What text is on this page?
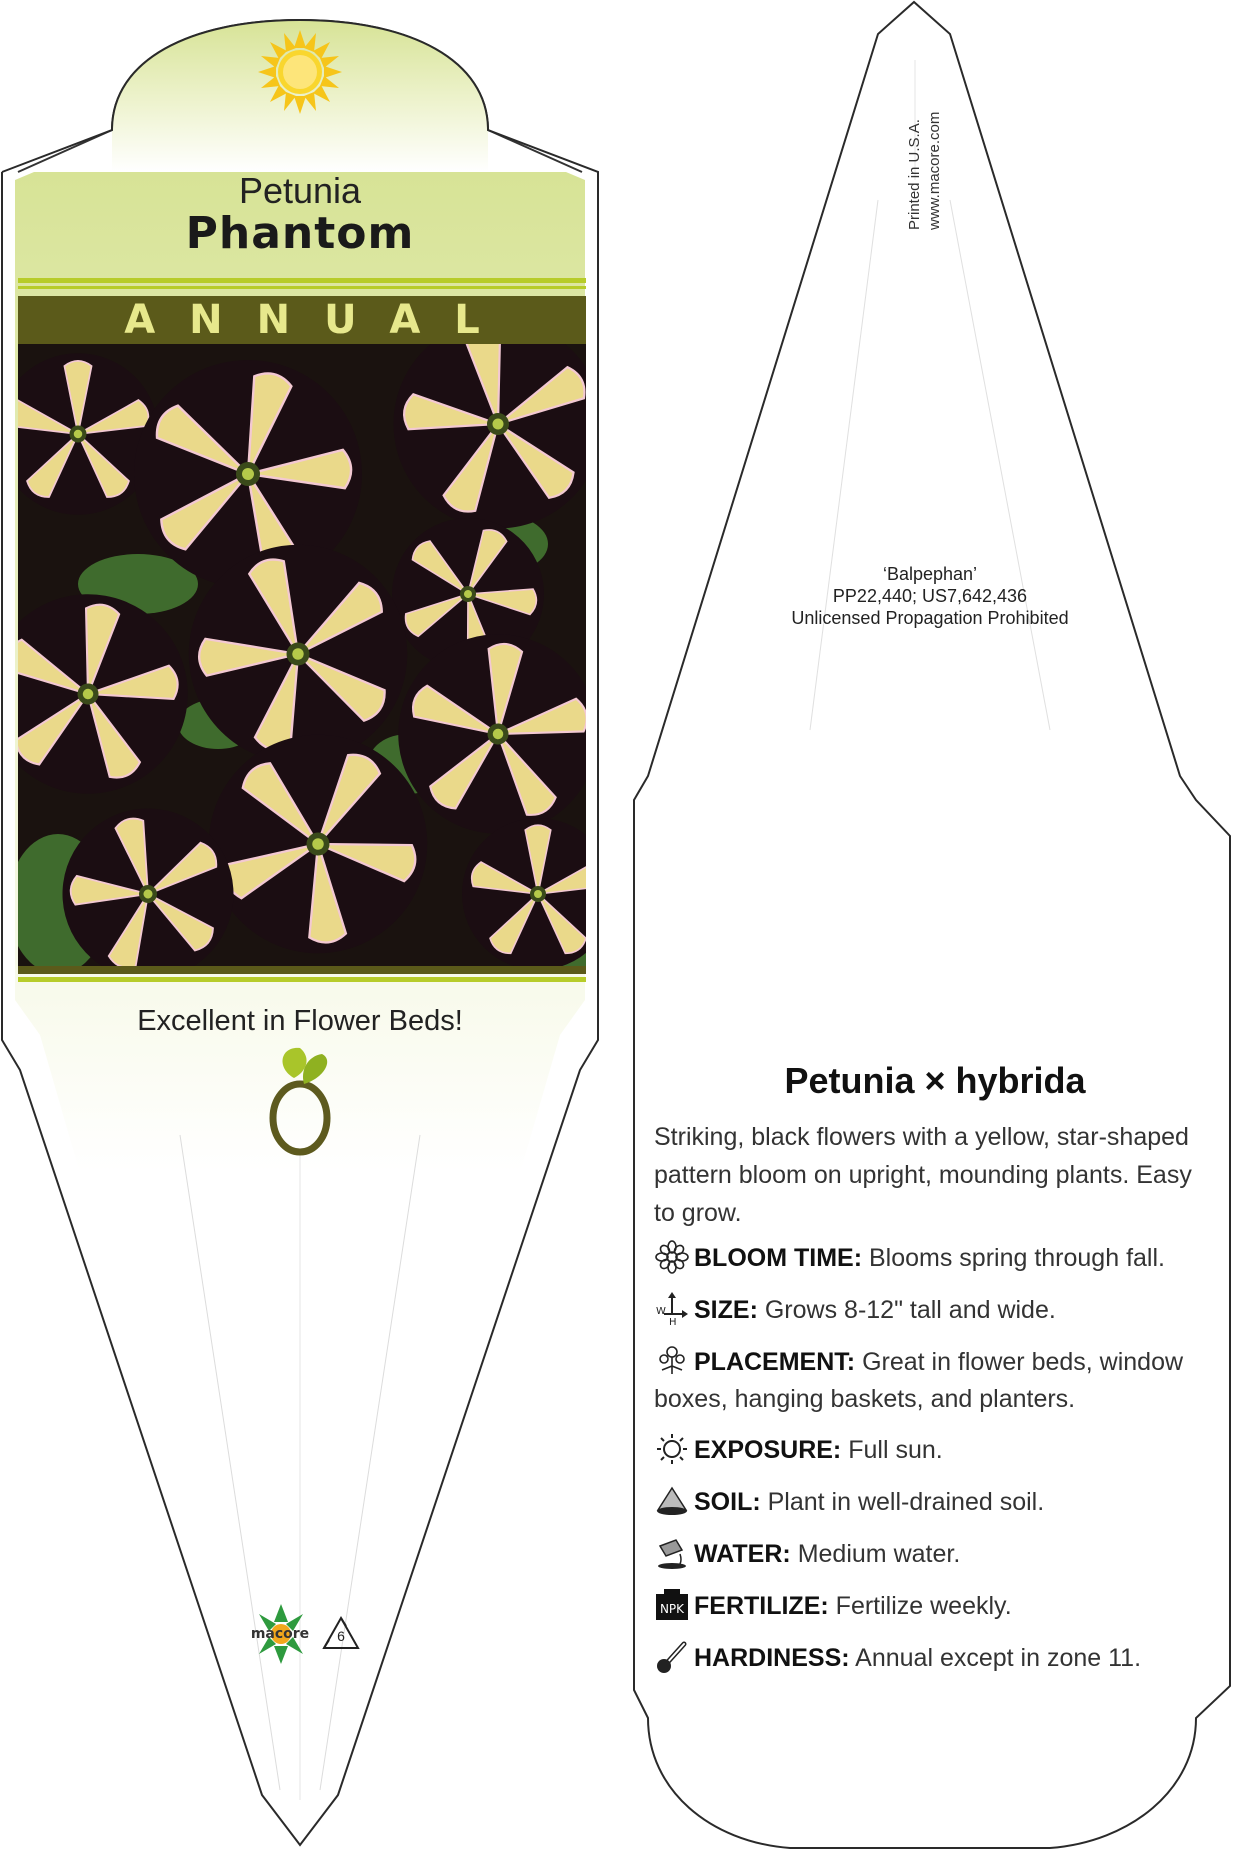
Petunia
Phantom
ANNUAL
Excellent in Flower Beds!
macore	6
Printed in U.S.A. www.macore.com
‘Balpephan’
PP22,440; US7,642,436
Unlicensed Propagation Prohibited
Petunia × hybrida
Striking, black flowers with a yellow, star-shaped pattern bloom on upright, mounding plants. Easy to grow.
BLOOM TIME: Blooms spring through fall.
W
H SIZE: Grows 8-12" tall and wide.
PLACEMENT: Great in flower beds, window boxes, hanging baskets, and planters.
EXPOSURE: Full sun.
SOIL: Plant in well-drained soil.
WATER: Medium water.
NPK FERTILIZE: Fertilize weekly.
HARDINESS: Annual except in zone 11.
